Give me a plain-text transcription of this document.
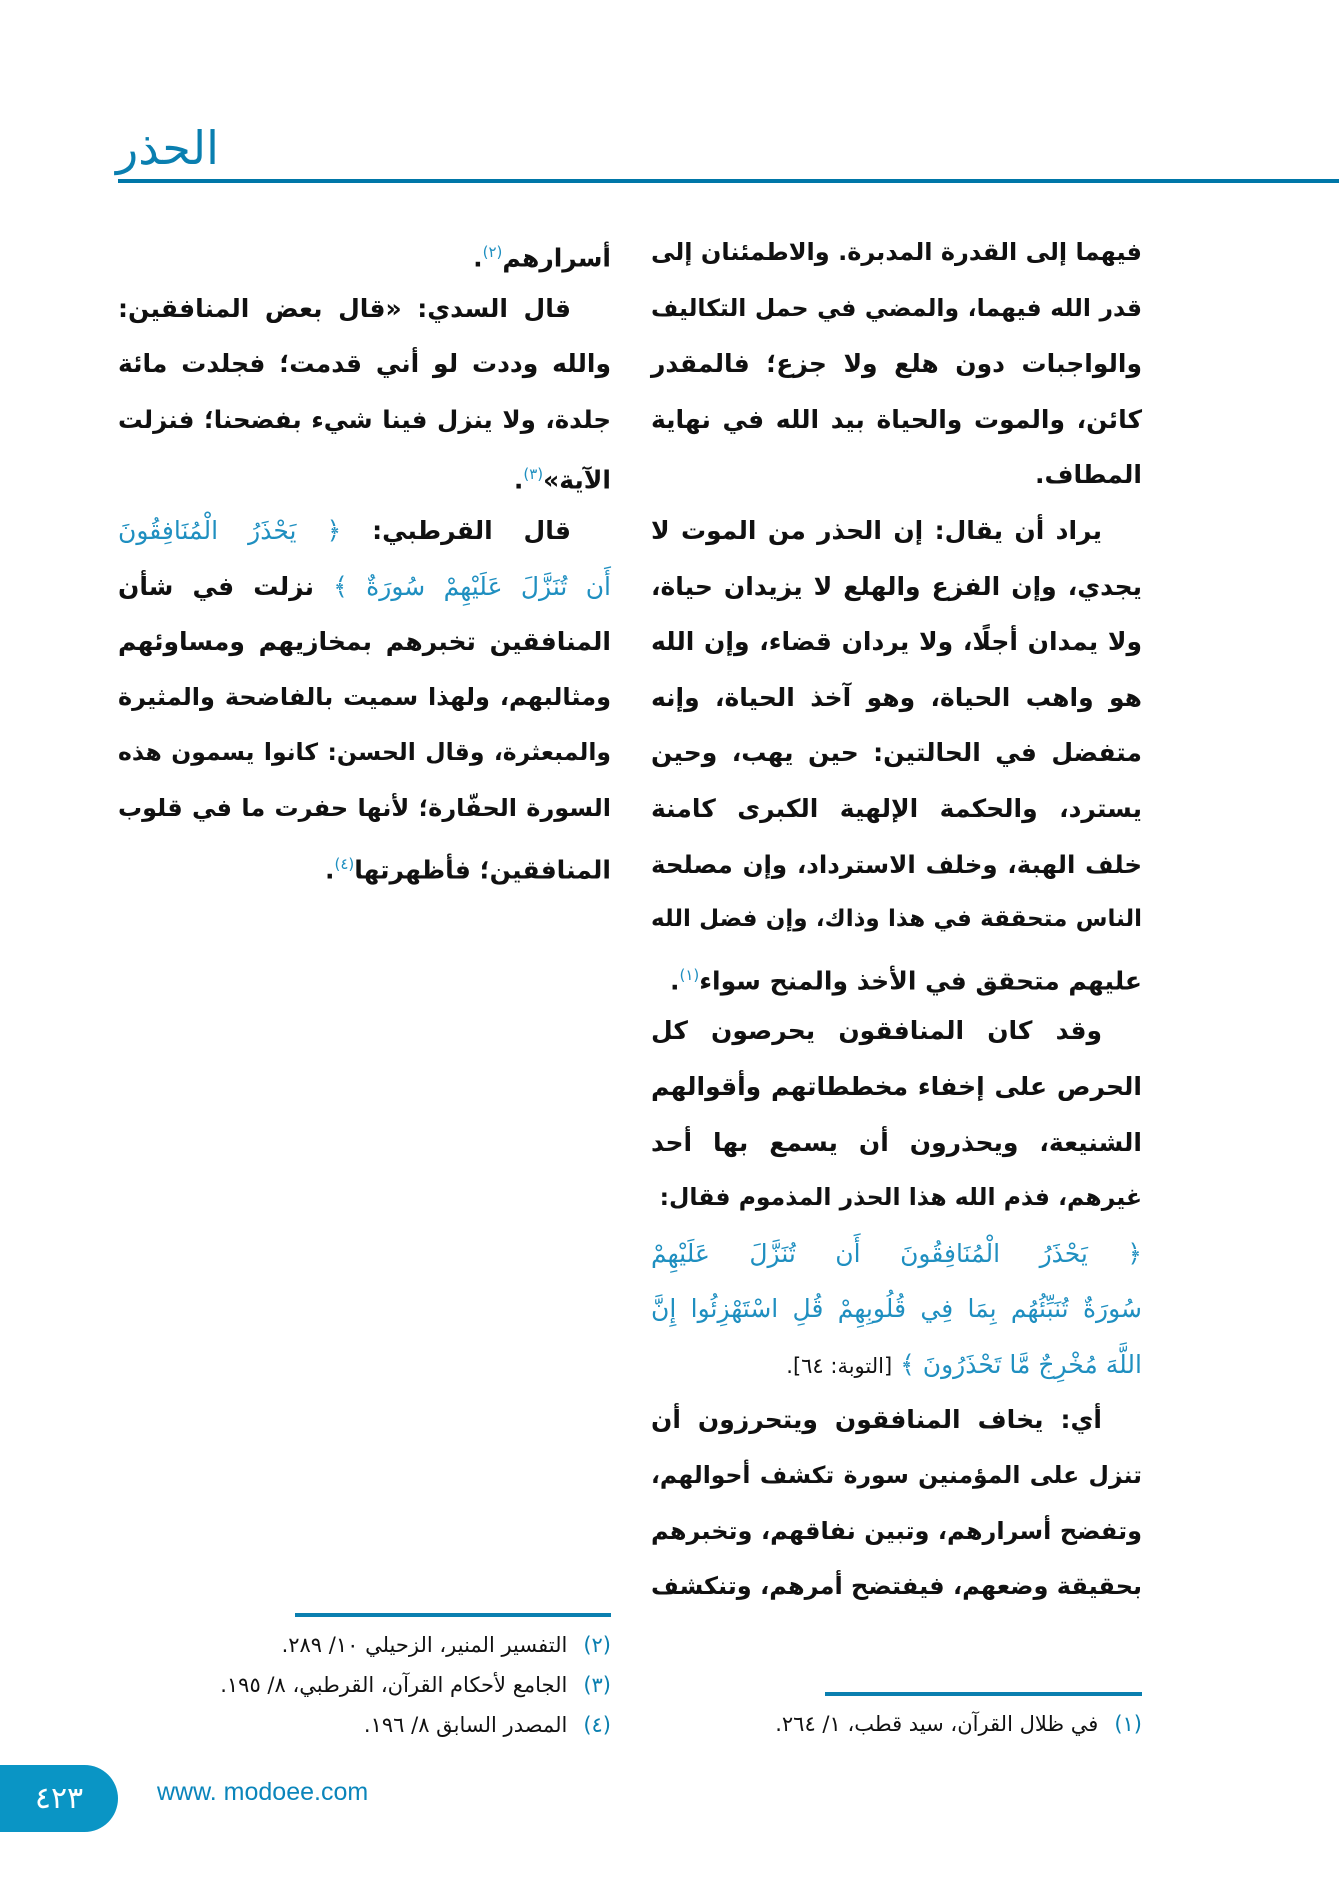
الحذر
فيهما إلى القدرة المدبرة. والاطمئنان إلى
قدر الله فيهما، والمضي في حمل التكاليف
والواجبات دون هلع ولا جزع؛ فالمقدر
كائن، والموت والحياة بيد الله في نهاية
المطاف.
يراد أن يقال: إن الحذر من الموت لا
يجدي، وإن الفزع والهلع لا يزيدان حياة،
ولا يمدان أجلًا، ولا يردان قضاء، وإن الله
هو واهب الحياة، وهو آخذ الحياة، وإنه
متفضل في الحالتين: حين يهب، وحين
يسترد، والحكمة الإلهية الكبرى كامنة
خلف الهبة، وخلف الاسترداد، وإن مصلحة
الناس متحققة في هذا وذاك، وإن فضل الله
عليهم متحقق في الأخذ والمنح سواء$^{(١)}$.
وقد كان المنافقون يحرصون كل
الحرص على إخفاء مخططاتهم وأقوالهم
الشنيعة، ويحذرون أن يسمع بها أحد
غيرهم، فذم الله هذا الحذر المذموم فقال:
﴿ يَحْذَرُ الْمُنَافِقُونَ أَن تُنَزَّلَ عَلَيْهِمْ
سُورَةٌ تُنَبِّئُهُم بِمَا فِي قُلُوبِهِمْ قُلِ اسْتَهْزِئُوا إِنَّ
اللَّهَ مُخْرِجٌ مَّا تَحْذَرُونَ ﴾ [التوبة: ٦٤].
أي: يخاف المنافقون ويتحرزون أن
تنزل على المؤمنين سورة تكشف أحوالهم،
وتفضح أسرارهم، وتبين نفاقهم، وتخبرهم
بحقيقة وضعهم، فيفتضح أمرهم، وتنكشف
أسرارهم$^{(٢)}$.
قال السدي: «قال بعض المنافقين:
والله وددت لو أني قدمت؛ فجلدت مائة
جلدة، ولا ينزل فينا شيء بفضحنا؛ فنزلت
الآية»$^{(٣)}$.
قال القرطبي: ﴿ يَحْذَرُ الْمُنَافِقُونَ
أَن تُنَزَّلَ عَلَيْهِمْ سُورَةٌ ﴾ نزلت في شأن
المنافقين تخبرهم بمخازيهم ومساوئهم
ومثالبهم، ولهذا سميت بالفاضحة والمثيرة
والمبعثرة، وقال الحسن: كانوا يسمون هذه
السورة الحفّارة؛ لأنها حفرت ما في قلوب
المنافقين؛ فأظهرتها$^{(٤)}$.
(٢)التفسير المنير، الزحيلي ١٠/ ٢٨٩.
(٣)الجامع لأحكام القرآن، القرطبي، ٨/ ١٩٥.
(٤)المصدر السابق ٨/ ١٩٦.	(١)في ظلال القرآن، سيد قطب، ١/ ٢٦٤.
٤٢٣	www. modoee.com
